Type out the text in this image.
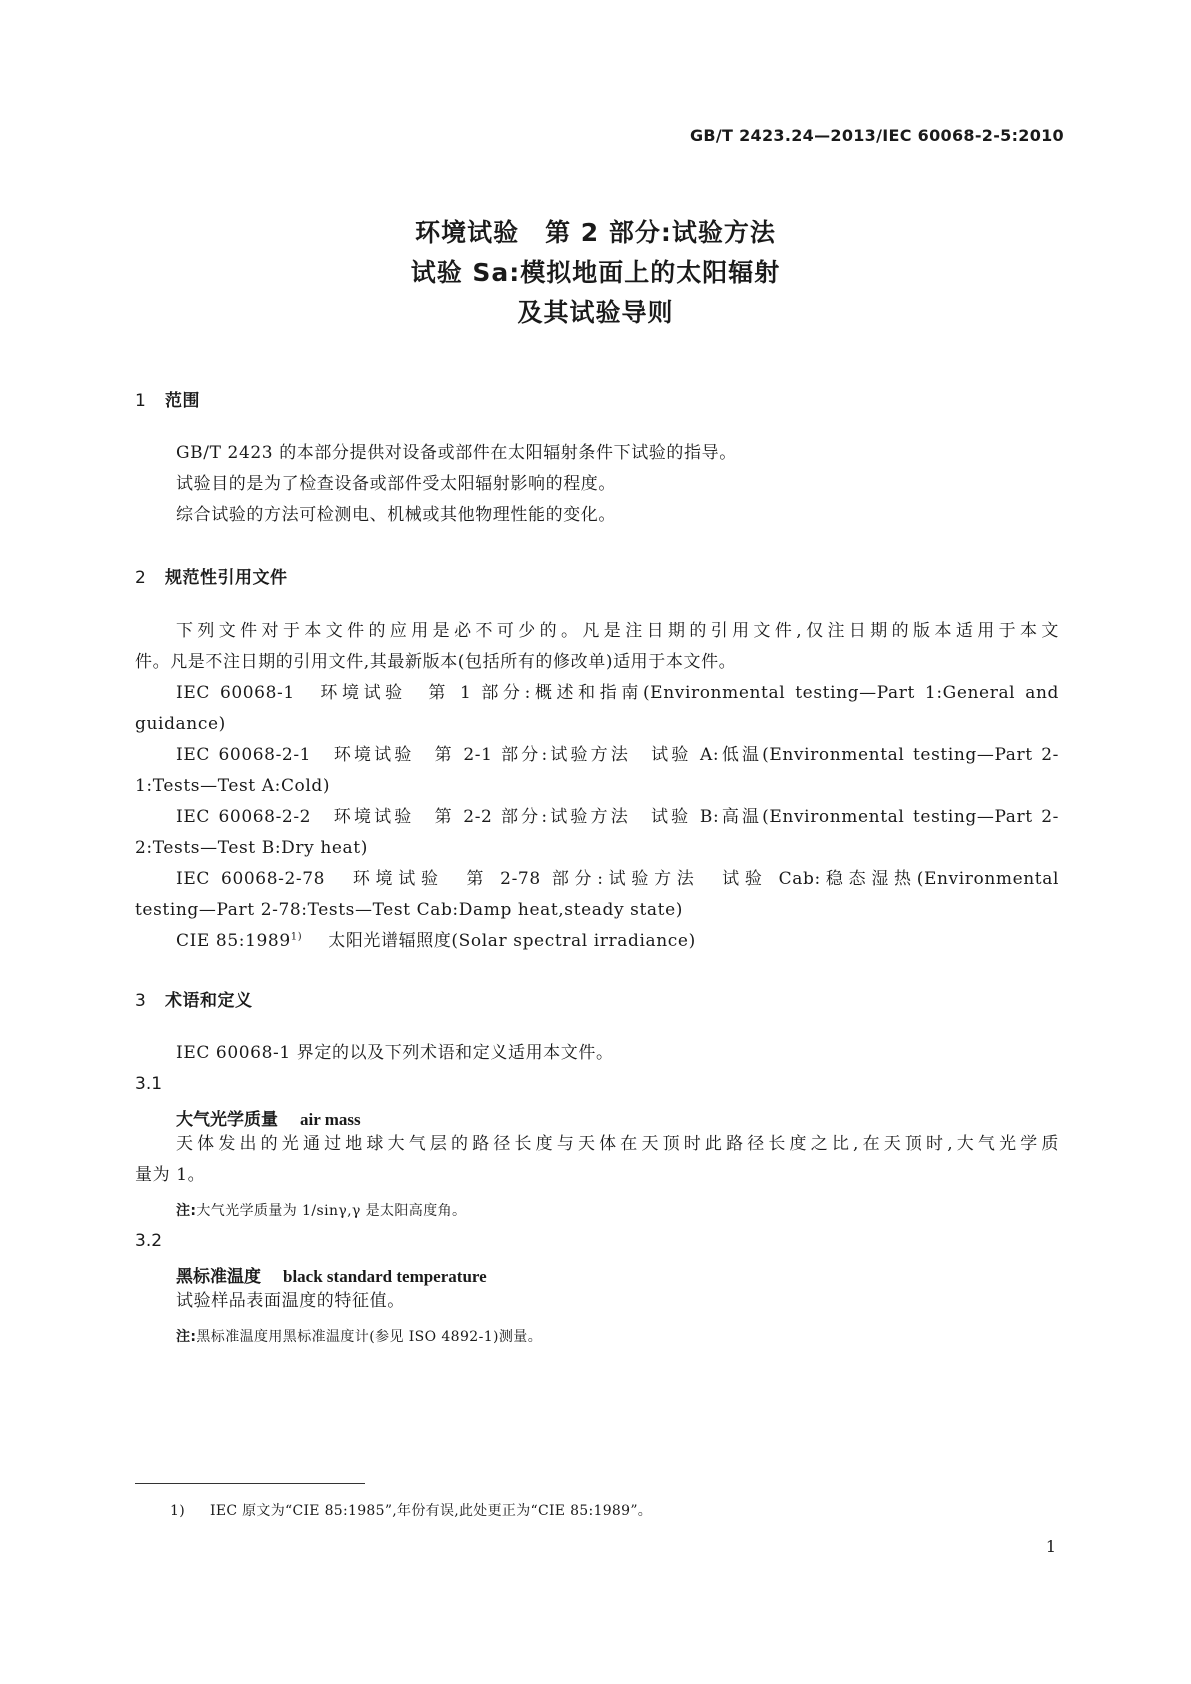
GB/T 2423.24—2013/IEC 60068-2-5:2010
环境试验　第 2 部分:试验方法
试验 Sa:模拟地面上的太阳辐射
及其试验导则
1 范围
GB/T 2423 的本部分提供对设备或部件在太阳辐射条件下试验的指导。
试验目的是为了检查设备或部件受太阳辐射影响的程度。
综合试验的方法可检测电、机械或其他物理性能的变化。
2 规范性引用文件
下列文件对于本文件的应用是必不可少的。凡是注日期的引用文件,仅注日期的版本适用于本文
件。凡是不注日期的引用文件,其最新版本(包括所有的修改单)适用于本文件。
IEC 60068-1　环境试验　第 1 部分:概述和指南(Environmental testing—Part 1:General and
guidance)
IEC 60068-2-1　环境试验　第 2-1 部分:试验方法　试验 A:低温(Environmental testing—Part 2-
1:Tests—Test A:Cold)
IEC 60068-2-2　环境试验　第 2-2 部分:试验方法　试验 B:高温(Environmental testing—Part 2-
2:Tests—Test B:Dry heat)
IEC 60068-2-78　环境试验　第 2-78 部分:试验方法　试验 Cab:稳态湿热(Environmental
testing—Part 2-78:Tests—Test Cab:Damp heat,steady state)
CIE 85:1989$^{1)}$ 太阳光谱辐照度(Solar spectral irradiance)
3 术语和定义
IEC 60068-1 界定的以及下列术语和定义适用本文件。
3.1
大气光学质量 air mass
天体发出的光通过地球大气层的路径长度与天体在天顶时此路径长度之比,在天顶时,大气光学质
量为 1。
注:大气光学质量为 1/sinγ,γ 是太阳高度角。
3.2
黑标准温度 black standard temperature
试验样品表面温度的特征值。
注:黑标准温度用黑标准温度计(参见 ISO 4892-1)测量。
1) IEC 原文为“CIE 85:1985”,年份有误,此处更正为“CIE 85:1989”。
1
